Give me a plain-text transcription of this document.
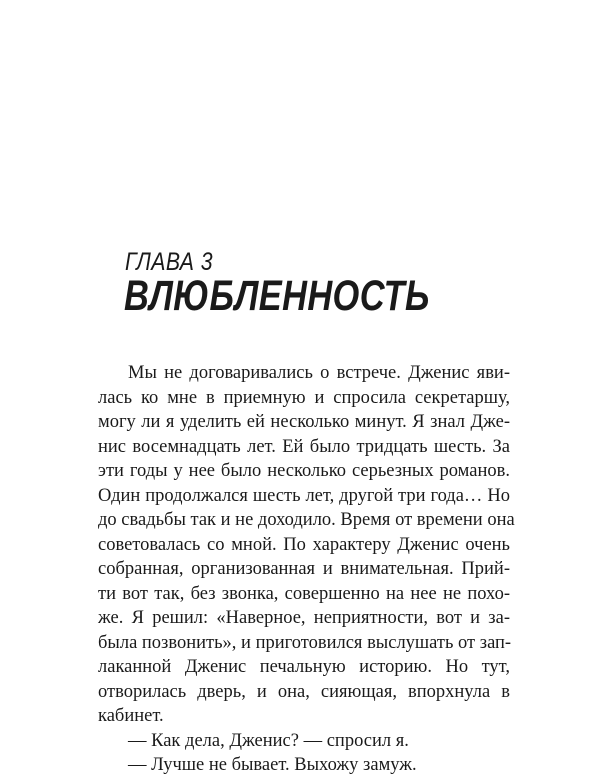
ГЛАВА 3
ВЛЮБЛЕННОСТЬ
Мы не договаривались о встрече. Дженис яви-
лась ко мне в приемную и спросила секретаршу,
могу ли я уделить ей несколько минут. Я знал Дже-
нис восемнадцать лет. Ей было тридцать шесть. За
эти годы у нее было несколько серьезных романов.
Один продолжался шесть лет, другой три года… Но
до свадьбы так и не доходило. Время от времени она
советовалась со мной. По характеру Дженис очень
собранная, организованная и внимательная. Прий-
ти вот так, без звонка, совершенно на нее не похо-
же. Я решил: «Наверное, неприятности, вот и за-
была позвонить», и приготовился выслушать от зап-
лаканной Дженис печальную историю. Но тут,
отворилась дверь, и она, сияющая, впорхнула в
кабинет.
— Как дела, Дженис? — спросил я.
— Лучше не бывает. Выхожу замуж.
